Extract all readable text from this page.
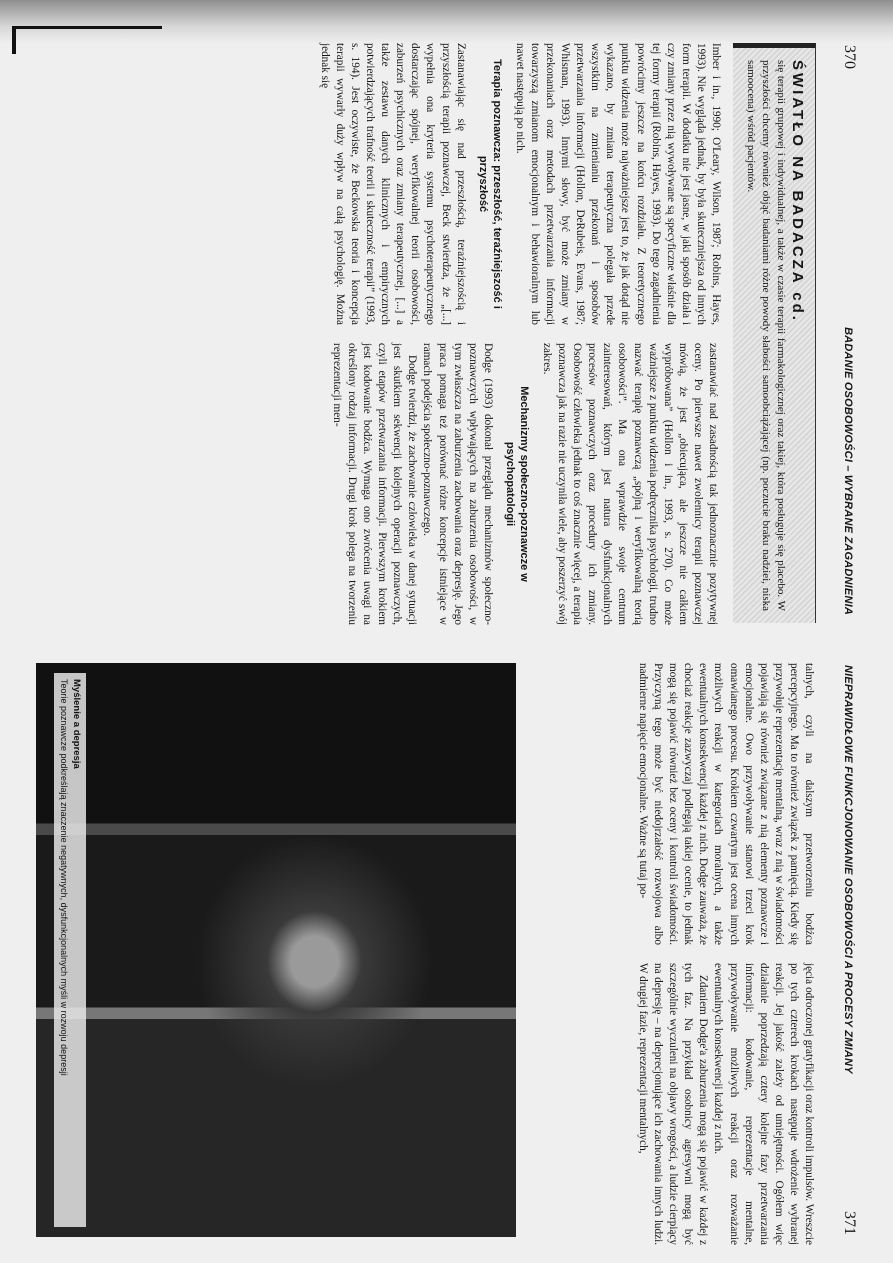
370
BADANIE OSOBOWOŚCI – WYBRANE ZAGADNIENIA
ŚWIATŁO NA BADACZA cd.
się terapii grupowej i indywidualnej, a także w czasie terapii farmakologicznej oraz takiej, która posługuje się placebo. W przyszłości chcemy również objąć badaniami różne powody słabości samoobciążającej (np. poczucie braku nadziei, niska samoocena) wśród pacjentów.

Imber i in., 1990; O'Leary, Wilson, 1987; Robins, Hayes, 1993). Nie wygląda jednak, by była skuteczniejsza od innych form terapii. W dodatku nie jest jasne, w jaki sposób działa i czy zmiany przez nią wywoływane są specyficzne właśnie dla tej formy terapii (Robins, Hayes, 1993). Do tego zagadnienia powrócimy jeszcze na końcu rozdziału. Z teoretycznego punktu widzenia może najważniejsze jest to, że jak dotąd nie wykazano, by zmiana terapeutyczna polegała przede wszystkim na zmienianiu przekonań i sposobów przetwarzania informacji (Hollon, DeRubeis, Evans, 1987; Whisman, 1993). Innymi słowy, być może zmiany w przekonaniach oraz metodach przetwarzania informacji towarzyszą zmianom emocjonalnym i behawioralnym lub nawet następują po nich.

Terapia poznawcza: przeszłość, teraźniejszość i przyszłość

Zastanawiając się nad przeszłością, teraźniejszością i przyszłością terapii poznawczej, Beck stwierdza, że „[...] wypełnia ona kryteria systemu psychoterapeutycznego dostarczając spójnej, weryfikowalnej teorii osobowości, zaburzeń psychicznych oraz zmiany terapeutycznej, [...] a także zestawu danych klinicznych i empirycznych potwierdzających trafność teorii i skuteczność terapii” (1993, s. 194). Jest oczywiste, że Beckowska teoria i koncepcja terapii wywarły duży wpływ na całą psychologię. Można jednak się

zastanawiać nad zasadnością tak jednoznacznie pozytywnej oceny. Po pierwsze nawet zwolennicy terapii poznawczej mówią, że jest „obiecująca, ale jeszcze nie całkiem wypróbowana” (Hollon i in., 1993, s. 270). Co może ważniejsze z punktu widzenia podręcznika psychologii, trudno nazwać terapię poznawczą „spójną i weryfikowalną teorią osobowości”. Ma ona wprawdzie swoje centrum zainteresowań, którym jest natura dysfunkcjonalnych procesów poznawczych oraz procedury ich zmiany. Osobowość człowieka jednak to coś znacznie więcej, a terapia poznawcza jak na razie nie uczyniła wiele, aby poszerzyć swój zakres.

Mechanizmy społeczno-poznawcze w psychopatologii

Dodge (1993) dokonał przeglądu mechanizmów społeczno-poznawczych wpływających na zaburzenia osobowości, w tym zwłaszcza na zaburzenia zachowania oraz depresję. Jego praca pomaga też porównać różne koncepcje istniejące w ramach podejścia społeczno-poznawczego.

Dodge twierdzi, że zachowanie człowieka w danej sytuacji jest skutkiem sekwencji kolejnych operacji poznawczych, czyli etapów przetwarzania informacji. Pierwszym krokiem jest kodowanie bodźca. Wymaga ono zwrócenia uwagi na określony rodzaj informacji. Drugi krok polega na tworzeniu reprezentacji men-

371
NIEPRAWIDŁOWE FUNKCJONOWANIE OSOBOWOŚCI A PROCESY ZMIANY

talnych, czyli na dalszym przetworzeniu bodźca percepcyjnego. Ma to również związek z pamięcią. Kiedy się przywołuje reprezentację mentalną, wraz z nią w świadomości pojawiają się również związane z nią elementy poznawcze i emocjonalne. Owo przywoływanie stanowi trzeci krok omawianego procesu. Krokiem czwartym jest ocena innych możliwych reakcji w kategoriach moralnych, a także ewentualnych konsekwencji każdej z nich. Dodge zauważa, że chociaż reakcje zazwyczaj podlegają takiej ocenie, to jednak mogą się pojawić również bez oceny i kontroli świadomości. Przyczyną tego może być niedojrzałość rozwojowa albo nadmierne napięcie emocjonalne. Ważne są tutaj po-

jęcia odroczonej gratyfikacji oraz kontroli impulsów. Wreszcie po tych czterech krokach następuje wdrożenie wybranej reakcji. Jej jakość zależy od umiejętności. Ogółem więc działanie poprzedzają cztery kolejne fazy przetwarzania informacji: kodowanie, reprezentacje mentalne, przywoływanie możliwych reakcji oraz rozważanie ewentualnych konsekwencji każdej z nich.

Zdaniem Dodge'a zaburzenia mogą się pojawić w każdej z tych faz. Na przykład osobnicy agresywni mogą być szczególnie wyczuleni na objawy wrogości, a ludzie cierpiący na depresję – na deprecjonujące ich zachowania innych ludzi. W drugiej fazie, reprezentacji mentalnych,

Myślenie a depresja
Teorie poznawcze podkreślają znaczenie negatywnych, dysfunkcjonalnych myśli w rozwoju depresji
